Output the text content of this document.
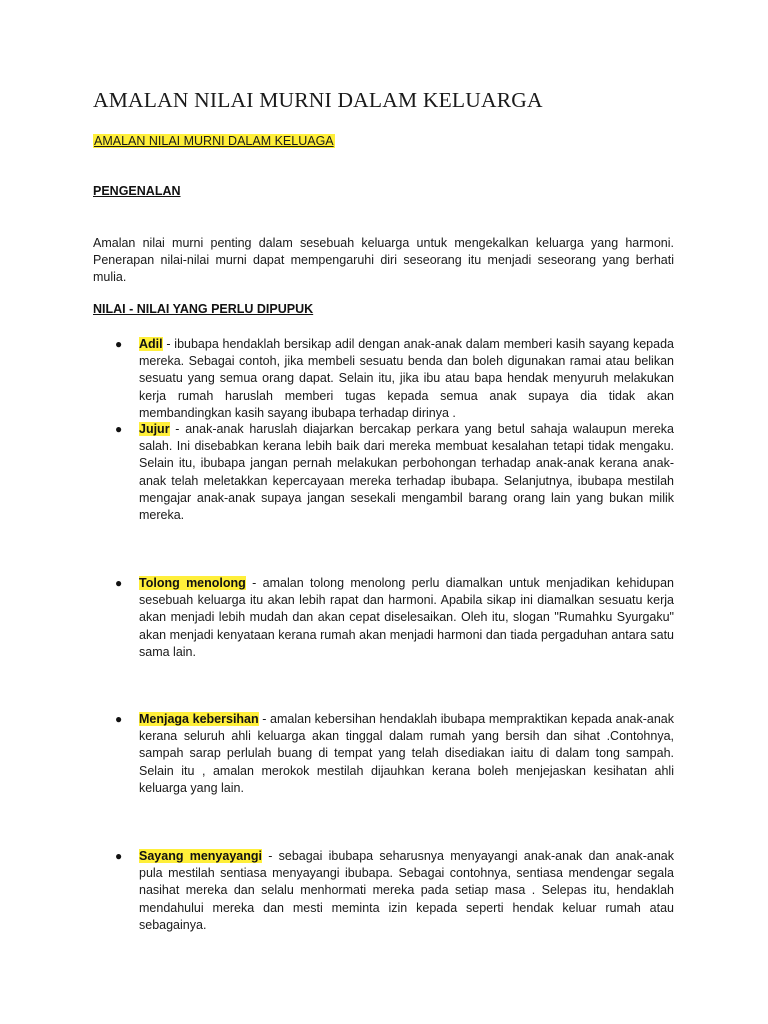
AMALAN NILAI MURNI DALAM KELUARGA
AMALAN NILAI MURNI DALAM KELUAGA
PENGENALAN

Amalan nilai murni penting dalam sesebuah keluarga untuk mengekalkan keluarga yang harmoni. Penerapan nilai-nilai murni dapat mempengaruhi diri seseorang itu menjadi seseorang yang berhati mulia.

NILAI - NILAI YANG PERLU DIPUPUK
● Adil - ibubapa hendaklah bersikap adil dengan anak-anak dalam memberi kasih sayang kepada mereka. Sebagai contoh, jika membeli sesuatu benda dan boleh digunakan ramai atau belikan sesuatu yang semua orang dapat. Selain itu, jika ibu atau bapa hendak menyuruh melakukan kerja rumah haruslah memberi tugas kepada semua anak supaya dia tidak akan membandingkan kasih sayang ibubapa terhadap dirinya .

● Jujur - anak-anak haruslah diajarkan bercakap perkara yang betul sahaja walaupun mereka salah. Ini disebabkan kerana lebih baik dari mereka membuat kesalahan tetapi tidak mengaku. Selain itu, ibubapa jangan pernah melakukan perbohongan terhadap anak-anak kerana anak-anak telah meletakkan kepercayaan mereka terhadap ibubapa. Selanjutnya, ibubapa mestilah mengajar anak-anak supaya jangan sesekali mengambil barang orang lain yang bukan milik mereka.

● Tolong menolong - amalan tolong menolong perlu diamalkan untuk menjadikan kehidupan sesebuah keluarga itu akan lebih rapat dan harmoni. Apabila sikap ini diamalkan sesuatu kerja akan menjadi lebih mudah dan akan cepat diselesaikan. Oleh itu, slogan "Rumahku Syurgaku" akan menjadi kenyataan kerana rumah akan menjadi harmoni dan tiada pergaduhan antara satu sama lain.

● Menjaga kebersihan - amalan kebersihan hendaklah ibubapa mempraktikan kepada anak-anak kerana seluruh ahli keluarga akan tinggal dalam rumah yang bersih dan sihat .Contohnya, sampah sarap perlulah buang di tempat yang telah disediakan iaitu di dalam tong sampah. Selain itu , amalan merokok mestilah dijauhkan kerana boleh menjejaskan kesihatan ahli keluarga yang lain.

● Sayang menyayangi - sebagai ibubapa seharusnya menyayangi anak-anak dan anak-anak pula mestilah sentiasa menyayangi ibubapa. Sebagai contohnya, sentiasa mendengar segala nasihat mereka dan selalu menhormati mereka pada setiap masa . Selepas itu, hendaklah mendahului mereka dan mesti meminta izin kepada seperti hendak keluar rumah atau sebagainya.
